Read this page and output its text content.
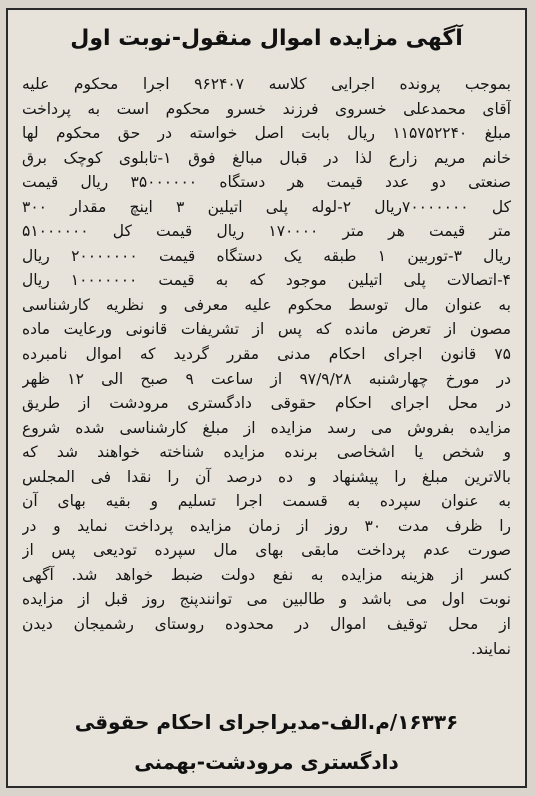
آگهی مزایده اموال منقول-نوبت اول
بموجب پرونده اجرایی کلاسه ۹۶۲۴۰۷ اجرا محکوم علیه
آقای محمدعلی خسروی فرزند خسرو محکوم است به پرداخت
مبلغ ۱۱۵۷۵۲۲۴۰ ریال بابت اصل خواسته در حق محکوم لها
خانم مریم زارع لذا در قبال مبالغ فوق ۱-تابلوی کوچک برق
صنعتی دو عدد قیمت هر دستگاه ۳۵۰۰۰۰۰۰ ریال قیمت
کل ۷۰۰۰۰۰۰۰ریال ۲-لوله پلی اتیلین ۳ اینچ مقدار ۳۰۰
متر قیمت هر متر ۱۷۰۰۰۰ ریال قیمت کل ۵۱۰۰۰۰۰۰
ریال ۳-توربین ۱ طبقه یک دستگاه قیمت ۲۰۰۰۰۰۰۰ ریال
۴-اتصالات پلی اتیلین موجود که به قیمت ۱۰۰۰۰۰۰۰ ریال
به عنوان مال توسط محکوم علیه معرفی و نظریه کارشناسی
مصون از تعرض مانده که پس از تشریفات قانونی ورعایت ماده
۷۵ قانون اجرای احکام مدنی مقرر گردید که اموال نامبرده
در مورخ چهارشنبه ۹۷/۹/۲۸ از ساعت ۹ صبح الی ۱۲ ظهر
در محل اجرای احکام حقوقی دادگستری مرودشت از طریق
مزایده بفروش می رسد مزایده از مبلغ کارشناسی شده شروع
و شخص یا اشخاصی برنده مزایده شناخته خواهند شد که
بالاترین مبلغ را پیشنهاد و ده درصد آن را نقدا فی المجلس
به عنوان سپرده به قسمت اجرا تسلیم و بقیه بهای آن
را ظرف مدت ۳۰ روز از زمان مزایده پرداخت نماید و در
صورت عدم پرداخت مابقی بهای مال سپرده تودیعی پس از
کسر از هزینه مزایده به نفع دولت ضبط خواهد شد. آگهی
نوبت اول می باشد و طالبین می توانندپنج روز قبل از مزایده
از محل توقیف اموال در محدوده روستای رشمیجان دیدن
نمایند.
۱۶۳۳۶/م.الف-مدیراجرای احکام حقوقی
دادگستری مرودشت-بهمنی
